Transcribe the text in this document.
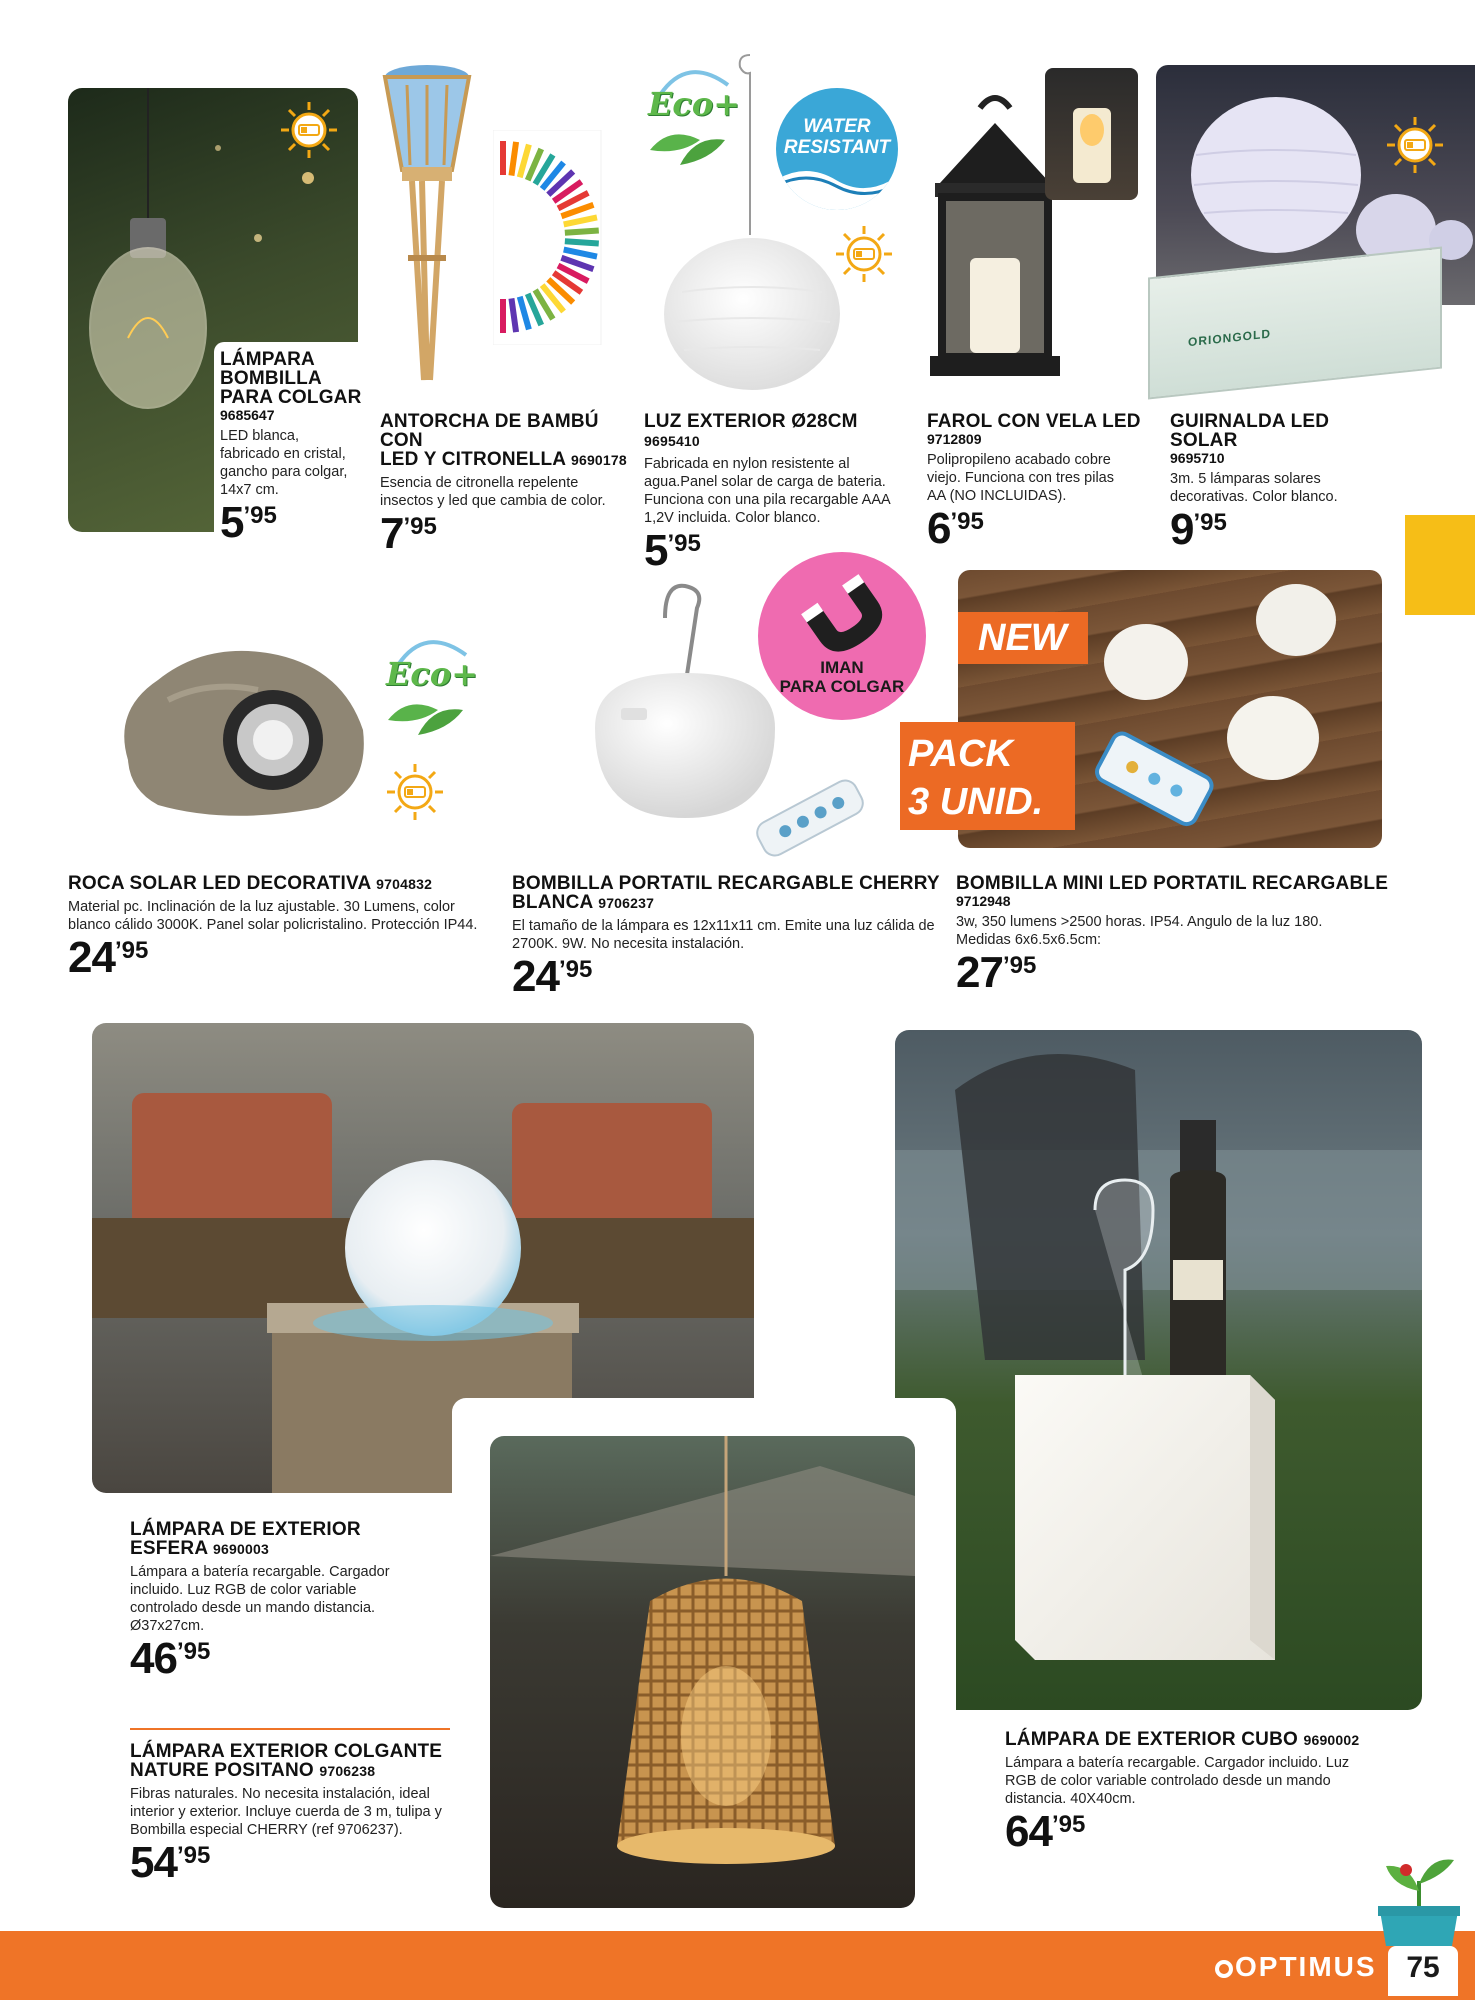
LÁMPARA
BOMBILLA
PARA COLGAR
9685647
LED blanca,
fabricado en cristal,
gancho para colgar,
14x7 cm.
5’95
ANTORCHA DE BAMBÚ CON
LED Y CITRONELLA 9690178
Esencia de citronella repelente
insectos y led que cambia de color.
7’95
Eco+
WATER
RESISTANT
LUZ EXTERIOR Ø28CM 9695410
Fabricada en nylon resistente al
agua.Panel solar de carga de bateria.
Funciona con una pila recargable AAA
1,2V incluida. Color blanco.
5’95
FAROL CON VELA LED
9712809
Polipropileno acabado cobre
viejo. Funciona con tres pilas
AA (NO INCLUIDAS).
6’95
ORIONGOLD
GUIRNALDA LED SOLAR
9695710
3m. 5 lámparas solares
decorativas. Color blanco.
9’95
Eco+
ROCA SOLAR LED DECORATIVA 9704832
Material pc. Inclinación de la luz ajustable. 30 Lumens, color
blanco cálido 3000K. Panel solar policristalino. Protección IP44.
24’95
IMAN
PARA COLGAR
BOMBILLA PORTATIL RECARGABLE CHERRY
BLANCA 9706237
El tamaño de la lámpara es 12x11x11 cm. Emite una luz cálida de
2700K. 9W. No necesita instalación.
24’95
NEW
PACK
3 UNID.
BOMBILLA MINI LED PORTATIL RECARGABLE
9712948
3w, 350 lumens >2500 horas. IP54. Angulo de la luz 180.
Medidas 6x6.5x6.5cm:
27’95
LÁMPARA DE EXTERIOR
ESFERA 9690003
Lámpara a batería recargable. Cargador
incluido. Luz RGB de color variable
controlado desde un mando distancia.
Ø37x27cm.
46’95
LÁMPARA EXTERIOR COLGANTE
NATURE POSITANO 9706238
Fibras naturales. No necesita instalación, ideal
interior y exterior. Incluye cuerda de 3 m, tulipa y
Bombilla especial CHERRY (ref 9706237).
54’95
LÁMPARA DE EXTERIOR CUBO 9690002
Lámpara a batería recargable. Cargador incluido. Luz
RGB de color variable controlado desde un mando
distancia. 40X40cm.
64’95
OPTIMUS 75
